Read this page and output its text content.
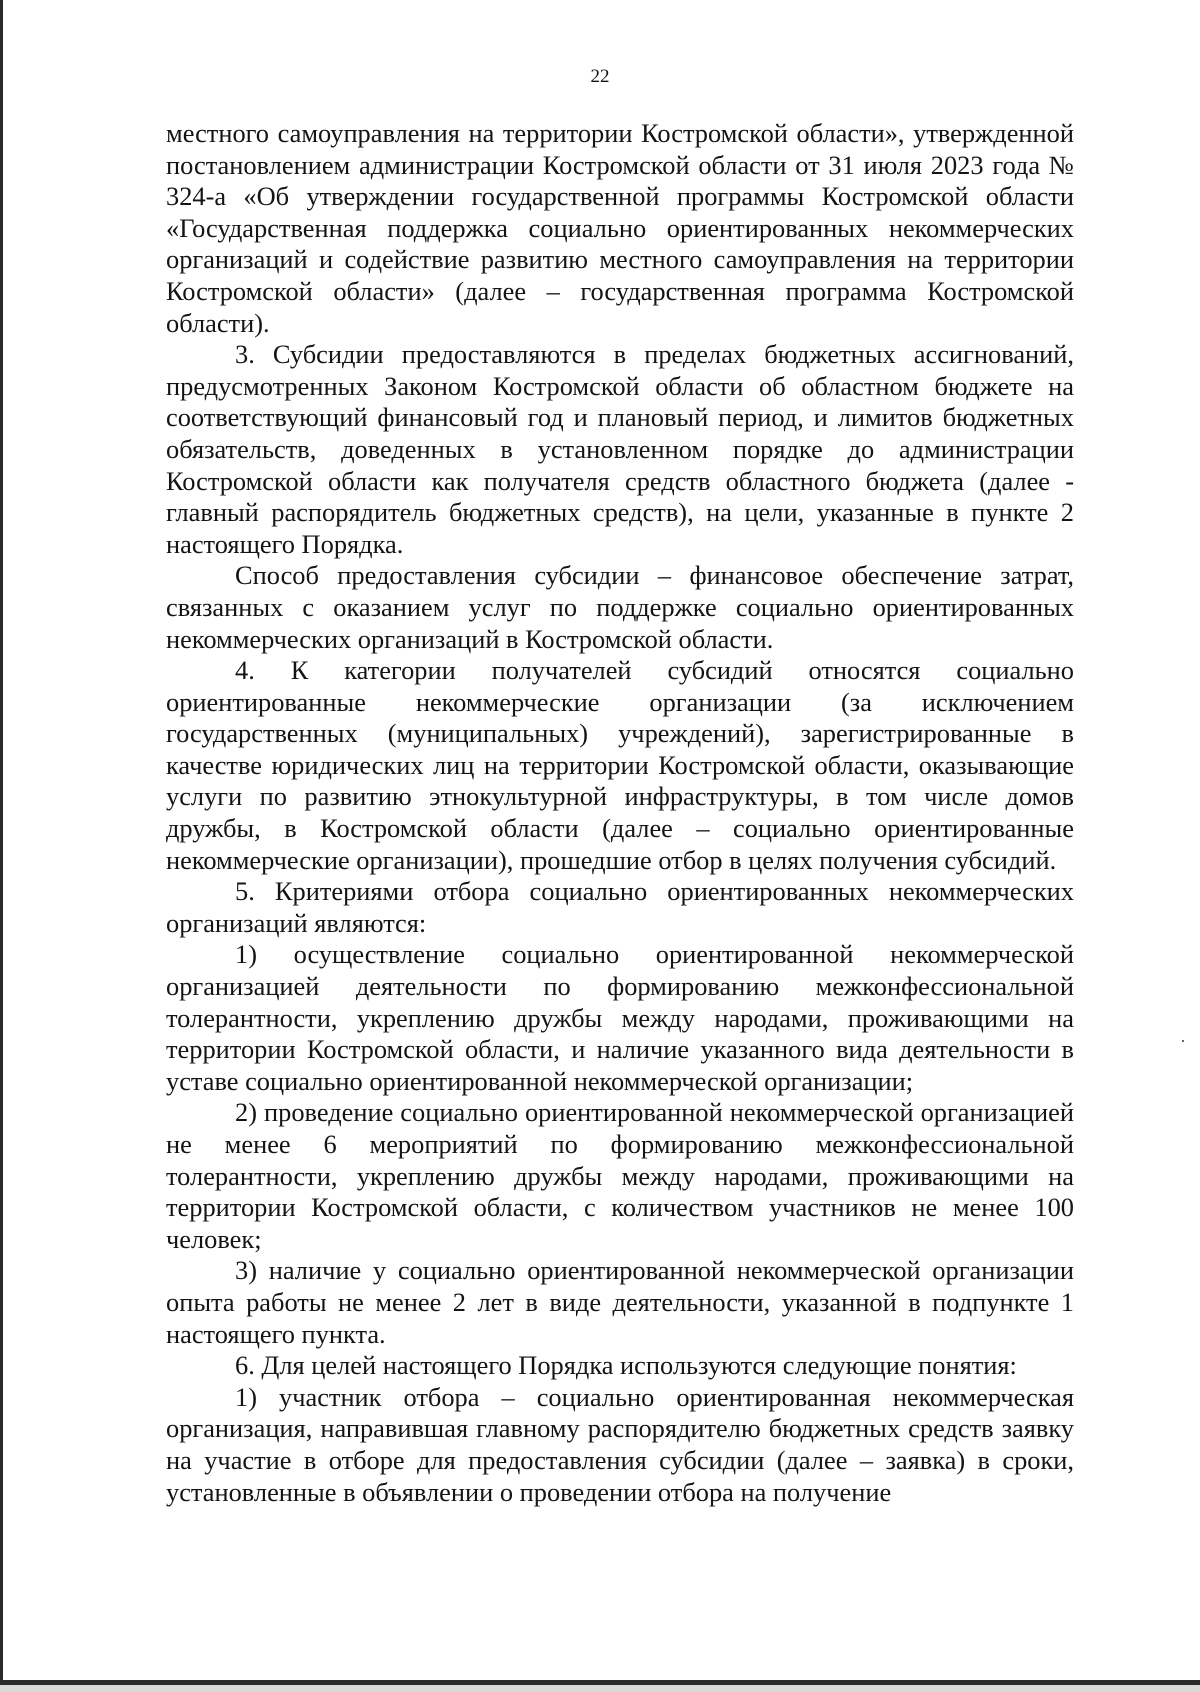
22

местного самоуправления на территории Костромской области», утвержденной постановлением администрации Костромской области от 31 июля 2023 года № 324-а «Об утверждении государственной программы Костромской области «Государственная поддержка социально ориентированных некоммерческих организаций и содействие развитию местного самоуправления на территории Костромской области» (далее – государственная программа Костромской области).

3. Субсидии предоставляются в пределах бюджетных ассигнований, предусмотренных Законом Костромской области об областном бюджете на соответствующий финансовый год и плановый период, и лимитов бюджетных обязательств, доведенных в установленном порядке до администрации Костромской области как получателя средств областного бюджета (далее - главный распорядитель бюджетных средств), на цели, указанные в пункте 2 настоящего Порядка.

Способ предоставления субсидии – финансовое обеспечение затрат, связанных с оказанием услуг по поддержке социально ориентированных некоммерческих организаций в Костромской области.

4. К категории получателей субсидий относятся социально ориентированные некоммерческие организации (за исключением государственных (муниципальных) учреждений), зарегистрированные в качестве юридических лиц на территории Костромской области, оказывающие услуги по развитию этнокультурной инфраструктуры, в том числе домов дружбы, в Костромской области (далее – социально ориентированные некоммерческие организации), прошедшие отбор в целях получения субсидий.

5. Критериями отбора социально ориентированных некоммерческих организаций являются:

1) осуществление социально ориентированной некоммерческой организацией деятельности по формированию межконфессиональной толерантности, укреплению дружбы между народами, проживающими на территории Костромской области, и наличие указанного вида деятельности в уставе социально ориентированной некоммерческой организации;

2) проведение социально ориентированной некоммерческой организацией не менее 6 мероприятий по формированию межконфессиональной толерантности, укреплению дружбы между народами, проживающими на территории Костромской области, с количеством участников не менее 100 человек;

3) наличие у социально ориентированной некоммерческой организации опыта работы не менее 2 лет в виде деятельности, указанной в подпункте 1 настоящего пункта.

6. Для целей настоящего Порядка используются следующие понятия:

1) участник отбора – социально ориентированная некоммерческая организация, направившая главному распорядителю бюджетных средств заявку на участие в отборе для предоставления субсидии (далее – заявка) в сроки, установленные в объявлении о проведении отбора на получение
